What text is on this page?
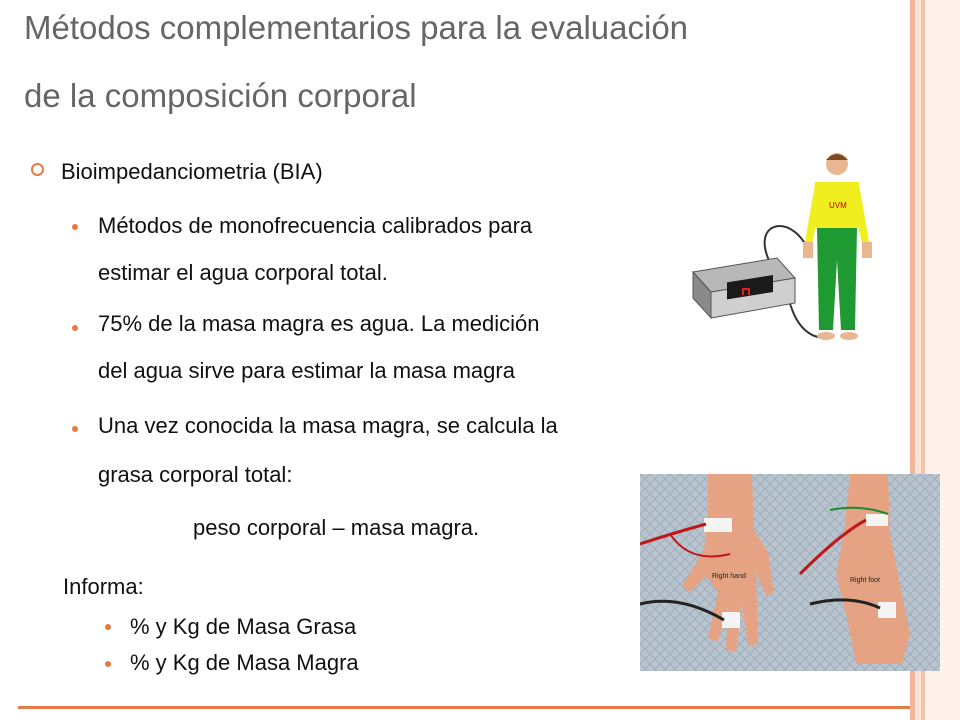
Métodos complementarios para la evaluación
de la composición corporal
Bioimpedanciometria (BIA)
Métodos de monofrecuencia calibrados para
estimar el agua corporal total.
75% de la masa magra es agua. La medición
del agua sirve para estimar la masa magra
Una vez conocida la masa magra, se calcula la
grasa corporal total:
peso corporal – masa magra.
Informa:
% y Kg de Masa Grasa
% y Kg de Masa Magra
UVM
Right hand
Right foot
